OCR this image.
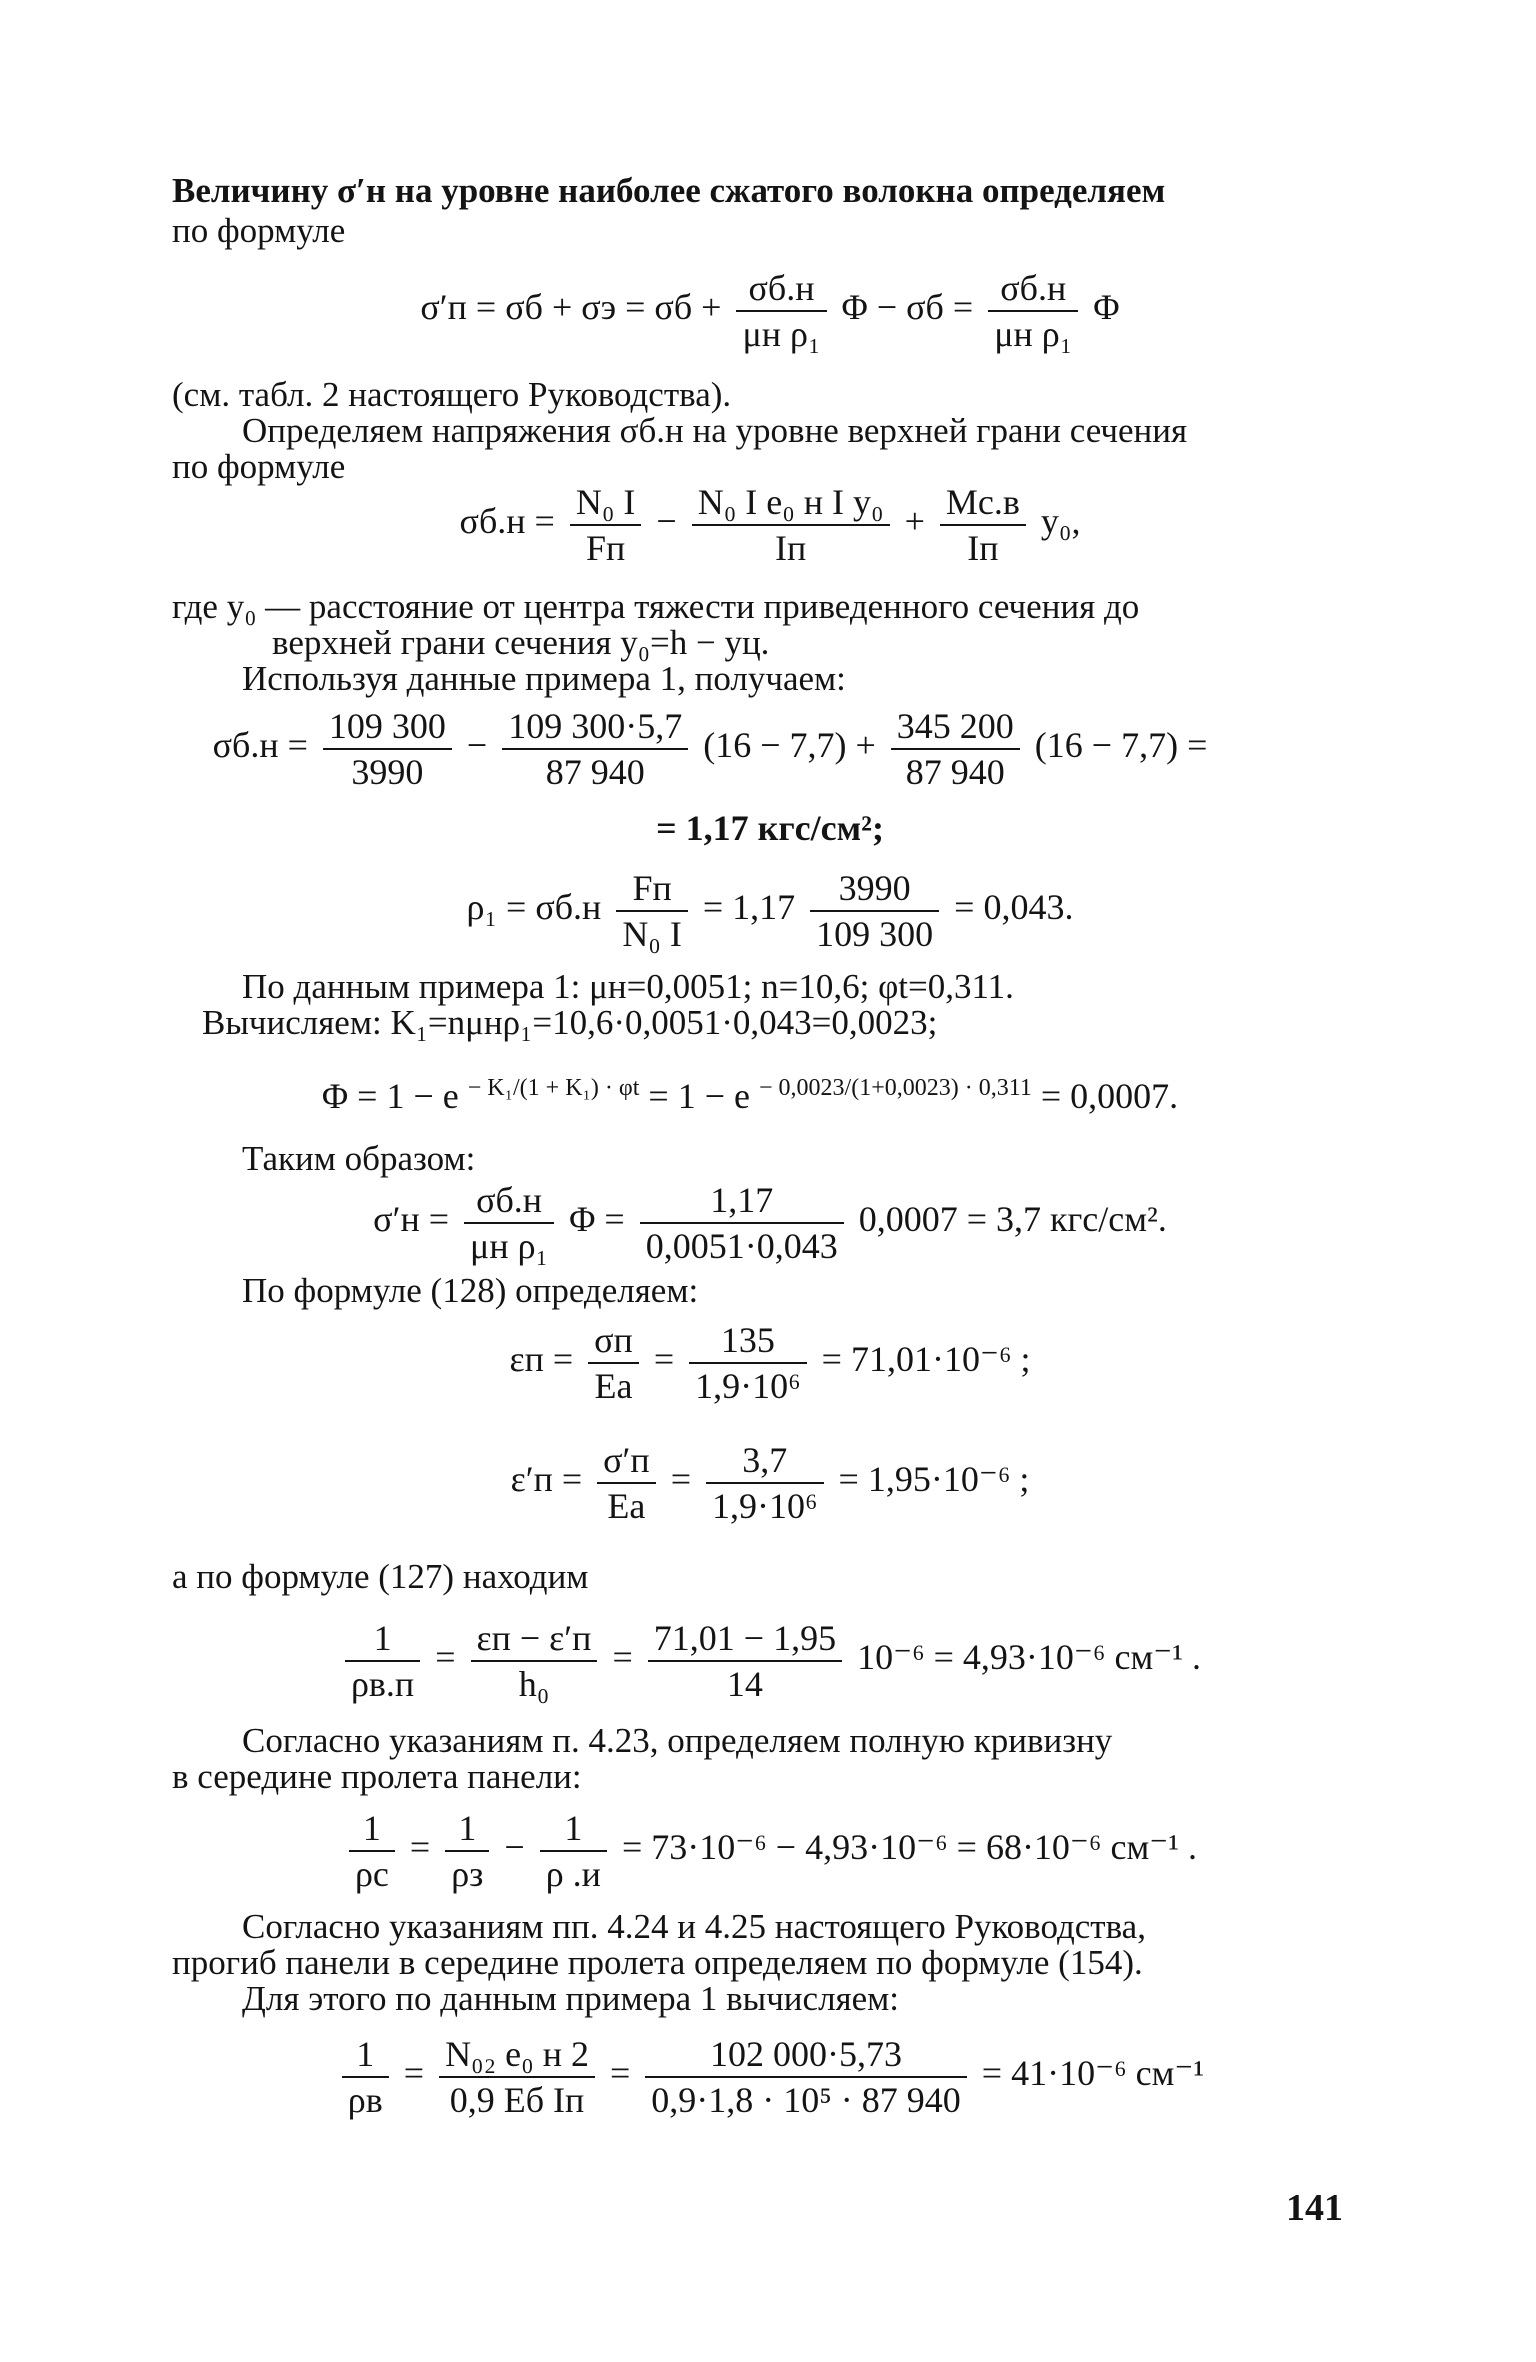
Величину σ′н на уровне наиболее сжатого волокна определяем
по формуле
$\sigma'п = \sigma б + \sigma э = \sigma б + \frac{\sigma б.н}{\text{μн ρ₁}}$ $\Phi - \sigma б = \frac{\sigma б.н}{\text{μн ρ₁}}$ Φ
(см. табл. 2 настоящего Руководства).
Определяем напряжения σб.н на уровне верхней грани сечения
по формуле
$\sigma б.н = \frac{\text{N₀ I}}{Fп} - \frac{\text{N₀ I e₀ н I y₀}}{Iп} + \frac{Mс.в}{Iп} y_0$,
где y₀ — расстояние от центра тяжести приведенного сечения до
верхней грани сечения y₀=h − yц.
Используя данные примера 1, получаем:
$\sigma б.н = \frac{109 300}{3990} - \frac{109 300\cdot 5,7}{87 940} (16 - 7,7) + \frac{345 200}{87 940} (16 - 7,7)$ =
= 1,17 кгс/см²;
$\rho_1 = \sigma б.н \frac{Fп}{\text{N₀ I}} = 1,17 \frac{3990}{109 300} = 0,043$.
По данным примера 1: μн=0,0051; n=10,6; φt=0,311.
Вычисляем: K₁=nμнρ₁=10,6·0,0051·0,043=0,0023;
Φ = 1 − e $^{- K_1/(1 + K_1) \cdot \varphi t}$ = 1 − e $^{- 0,0023/(1+0,0023) \cdot 0,311}$ = 0,0007.
Таким образом:
$\sigma'н = \frac{\sigma б.н}{\text{μн ρ₁}}$ $\Phi = \frac{1,17}{0,0051\cdot 0,043} 0,0007 = 3,7$ кгс/см².
По формуле (128) определяем:
$\varepsilon п = \frac{\sigma п}{Eа} = \frac{135}{\text{1,9·10⁶}} = 71,01\cdot 10^{-6}$ ;
$\varepsilon'п = \frac{\sigma'п}{Eа} = \frac{3,7}{\text{1,9·10⁶}} = 1,95\cdot 10^{-6}$ ;
а по формуле (127) находим
$\frac{1}{\rho в.п} = \frac{\varepsilon п - \varepsilon'п}{\text{h₀}} = \frac{71,01 - 1,95}{14} 10^{-6} = 4,93\cdot 10^{-6}$ см⁻¹ .
Согласно указаниям п. 4.23, определяем полную кривизну
в середине пролета панели:
$\frac{1}{\rho с} = \frac{1}{\rho з} - \frac{1}{\rho .и} = 73\cdot 10^{-6} - 4,93\cdot 10^{-6} = 68\cdot 10^{-6}$ см⁻¹ .
Согласно указаниям пп. 4.24 и 4.25 настоящего Руководства,
прогиб панели в середине пролета определяем по формуле (154).
Для этого по данным примера 1 вычисляем:
$\frac{1}{\rho в} = \frac{\text{N₀₂ e₀ н 2}}{\text{0,9 Eб Iп}} = \frac{102 000\cdot 5,73}{\text{0,9·1,8 · 10⁵ · 87 940}} = 41\cdot 10^{-6}$ см⁻¹
141
